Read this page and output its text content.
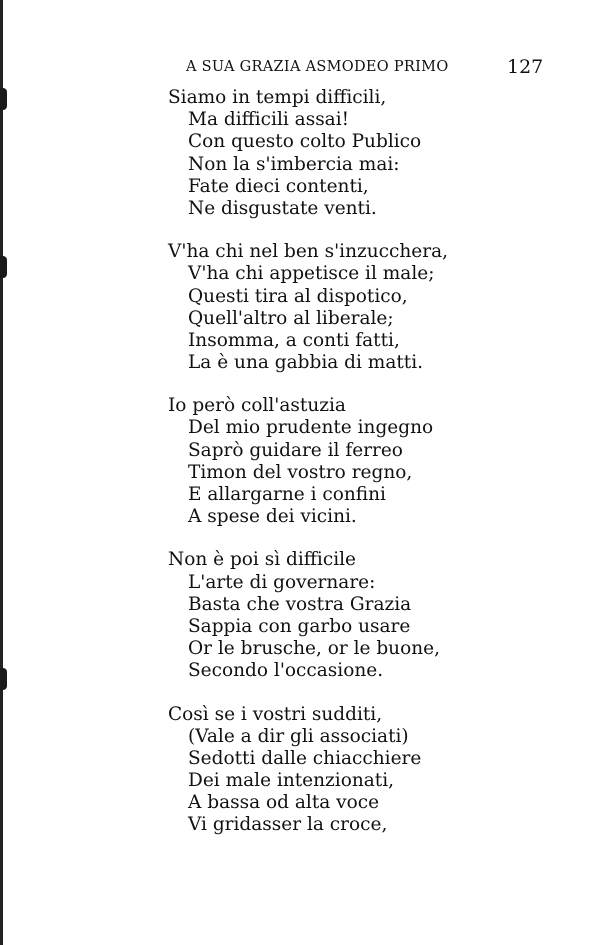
A SUA GRAZIA ASMODEO PRIMO	127
Siamo in tempi difficili,
Ma difficili assai!
Con questo colto Publico
Non la s'imbercia mai:
Fate dieci contenti,
Ne disgustate venti.
V'ha chi nel ben s'inzucchera,
V'ha chi appetisce il male;
Questi tira al dispotico,
Quell'altro al liberale;
Insomma, a conti fatti,
La è una gabbia di matti.
Io però coll'astuzia
Del mio prudente ingegno
Saprò guidare il ferreo
Timon del vostro regno,
E allargarne i confini
A spese dei vicini.
Non è poi sì difficile
L'arte di governare:
Basta che vostra Grazia
Sappia con garbo usare
Or le brusche, or le buone,
Secondo l'occasione.
Così se i vostri sudditi,
(Vale a dir gli associati)
Sedotti dalle chiacchiere
Dei male intenzionati,
A bassa od alta voce
Vi gridasser la croce,
